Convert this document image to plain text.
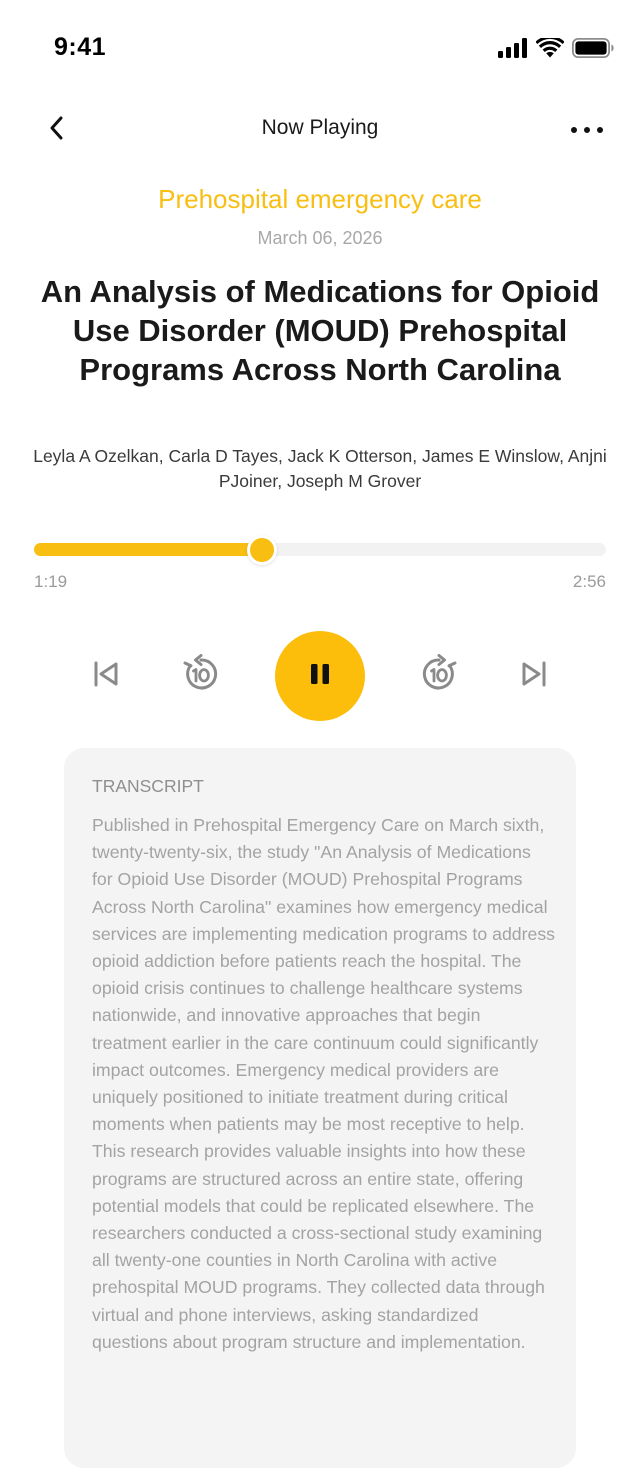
9:41
Now Playing
Prehospital emergency care
March 06, 2026
An Analysis of Medications for Opioid Use Disorder (MOUD) Prehospital Programs Across North Carolina
Leyla A Ozelkan, Carla D Tayes, Jack K Otterson, James E Winslow, Anjni PJoiner, Joseph M Grover
1:19	2:56
TRANSCRIPT

Published in Prehospital Emergency Care on March sixth, twenty-twenty-six, the study "An Analysis of Medications for Opioid Use Disorder (MOUD) Prehospital Programs Across North Carolina" examines how emergency medical services are implementing medication programs to address opioid addiction before patients reach the hospital. The opioid crisis continues to challenge healthcare systems nationwide, and innovative approaches that begin treatment earlier in the care continuum could significantly impact outcomes. Emergency medical providers are uniquely positioned to initiate treatment during critical moments when patients may be most receptive to help. This research provides valuable insights into how these programs are structured across an entire state, offering potential models that could be replicated elsewhere. The researchers conducted a cross-sectional study examining all twenty-one counties in North Carolina with active prehospital MOUD programs. They collected data through virtual and phone interviews, asking standardized questions about program structure and implementation.
